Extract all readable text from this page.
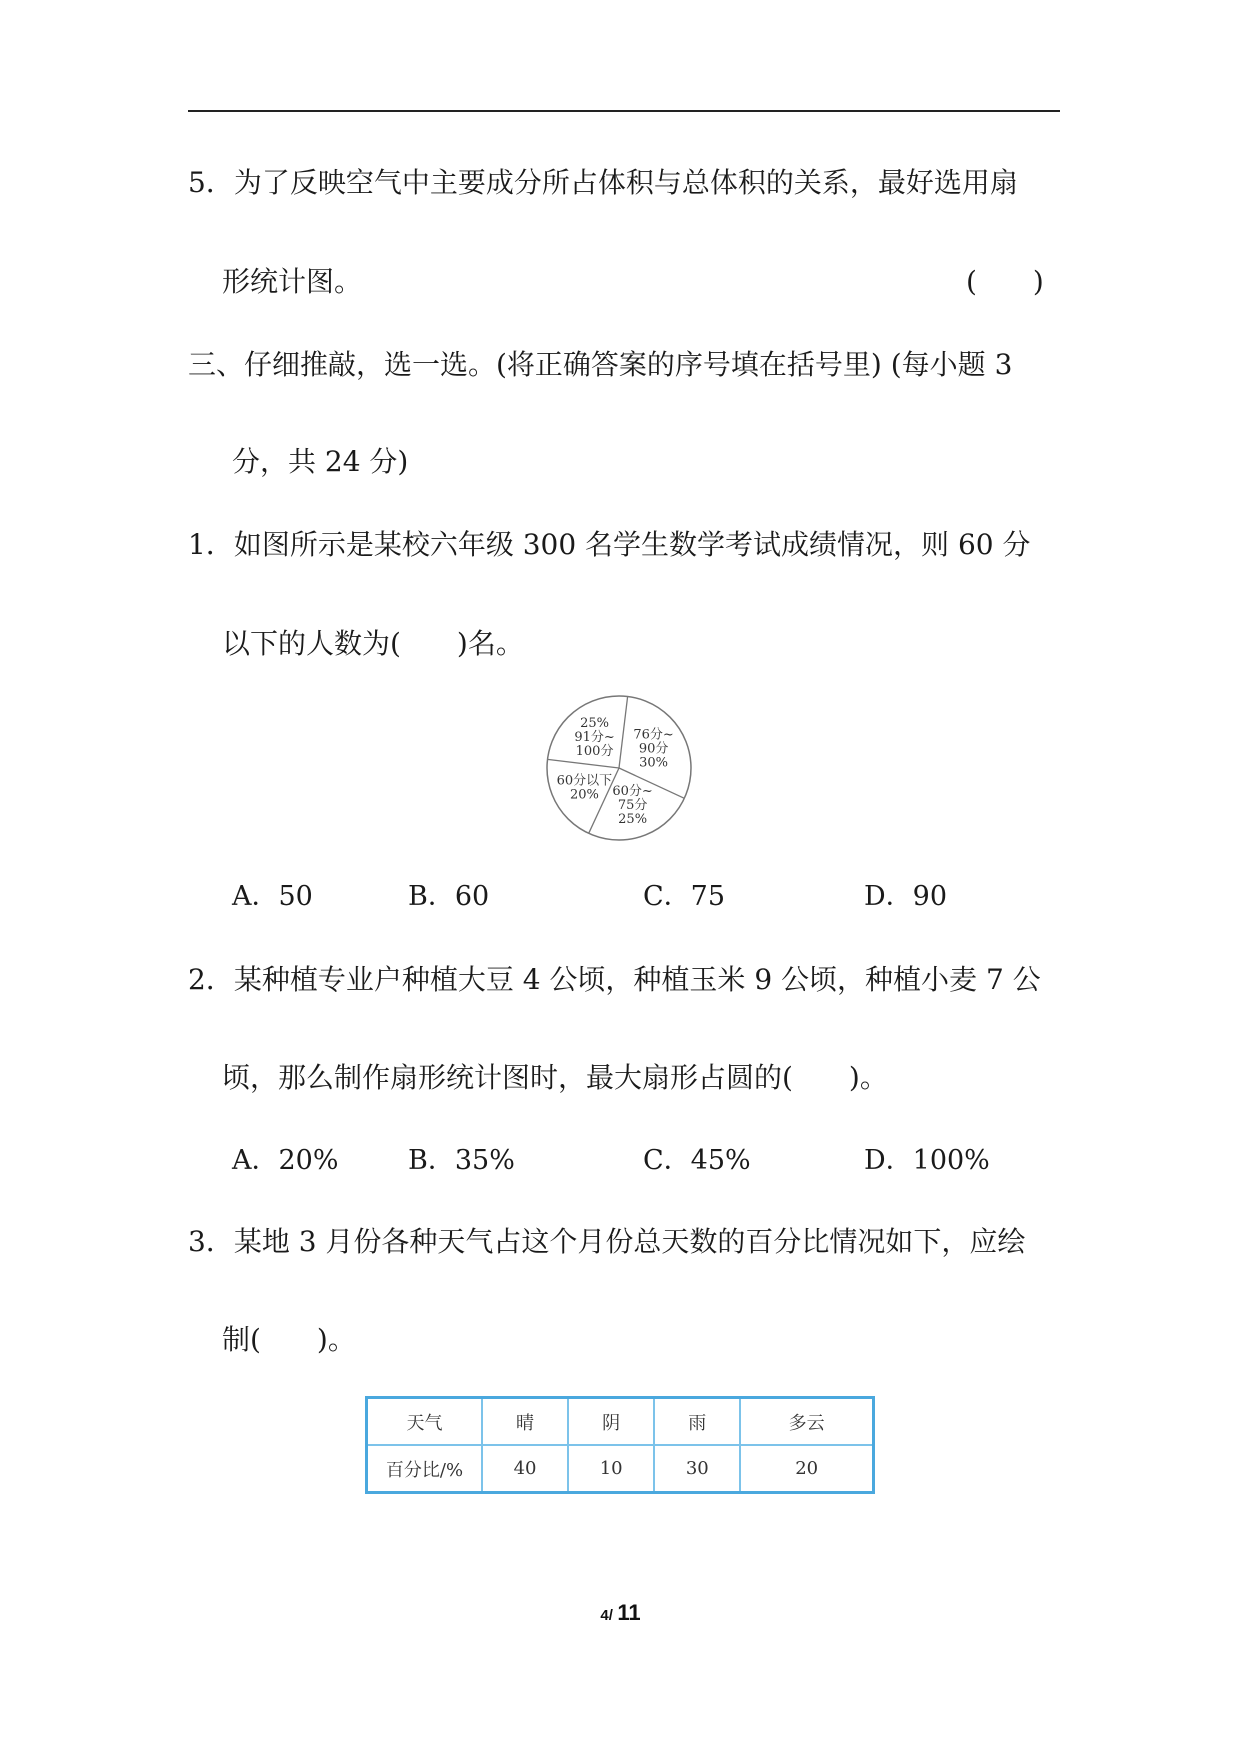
5．为了反映空气中主要成分所占体积与总体积的关系，最好选用扇
形统计图。	(　　)
三、仔细推敲，选一选。(将正确答案的序号填在括号里) (每小题 3
分，共 24 分)
1．如图所示是某校六年级 300 名学生数学考试成绩情况，则 60 分
以下的人数为(　　)名。
76分~
90分
30%
60分~
75分
25%
60分以下
20%
25%
91分~
100分
A．50	B．60	C．75	D．90
2．某种植专业户种植大豆 4 公顷，种植玉米 9 公顷，种植小麦 7 公
顷，那么制作扇形统计图时，最大扇形占圆的(　　)。
A．20%	B．35%	C．45%	D．100%
3．某地 3 月份各种天气占这个月份总天数的百分比情况如下，应绘
制(　　)。
天气	晴	阴	雨	多云
百分比/%	40	10	30	20
4/ 11
